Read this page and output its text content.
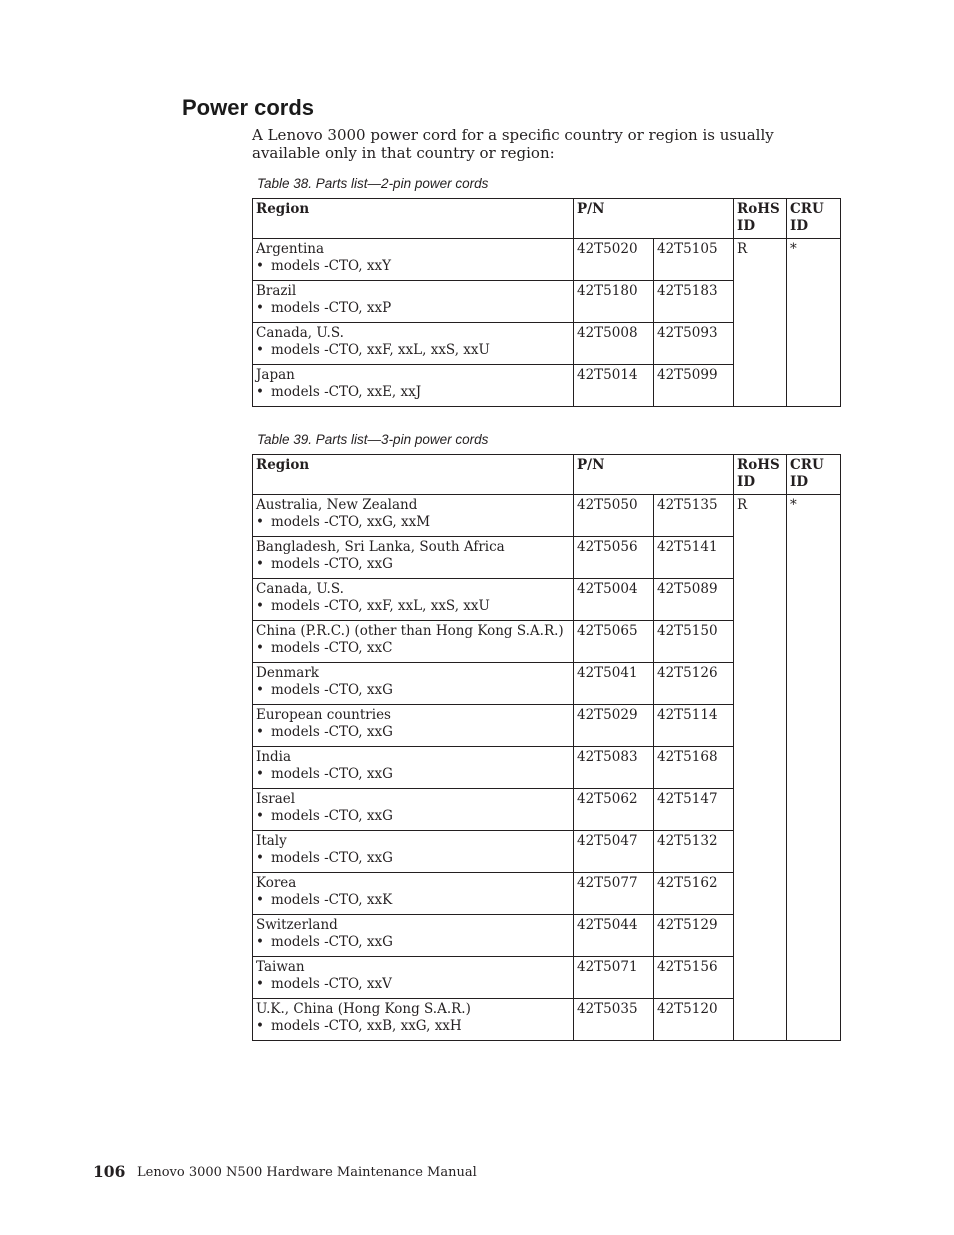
Power cords

A Lenovo 3000 power cord for a specific country or region is usually available only in that country or region:

Table 38. Parts list—2-pin power cords

Region	P/N		RoHS ID	CRU ID
Argentina
• models -CTO, xxY	42T5020	42T5105	R	*
Brazil
• models -CTO, xxP	42T5180	42T5183		
Canada, U.S.
• models -CTO, xxF, xxL, xxS, xxU	42T5008	42T5093		
Japan
• models -CTO, xxE, xxJ	42T5014	42T5099		

Table 39. Parts list—3-pin power cords

Region	P/N		RoHS ID	CRU ID
Australia, New Zealand
• models -CTO, xxG, xxM	42T5050	42T5135	R	*
Bangladesh, Sri Lanka, South Africa
• models -CTO, xxG	42T5056	42T5141		
Canada, U.S.
• models -CTO, xxF, xxL, xxS, xxU	42T5004	42T5089		
China (P.R.C.) (other than Hong Kong S.A.R.)
• models -CTO, xxC	42T5065	42T5150		
Denmark
• models -CTO, xxG	42T5041	42T5126		
European countries
• models -CTO, xxG	42T5029	42T5114		
India
• models -CTO, xxG	42T5083	42T5168		
Israel
• models -CTO, xxG	42T5062	42T5147		
Italy
• models -CTO, xxG	42T5047	42T5132		
Korea
• models -CTO, xxK	42T5077	42T5162		
Switzerland
• models -CTO, xxG	42T5044	42T5129		
Taiwan
• models -CTO, xxV	42T5071	42T5156		
U.K., China (Hong Kong S.A.R.)
• models -CTO, xxB, xxG, xxH	42T5035	42T5120		
106 Lenovo 3000 N500 Hardware Maintenance Manual
